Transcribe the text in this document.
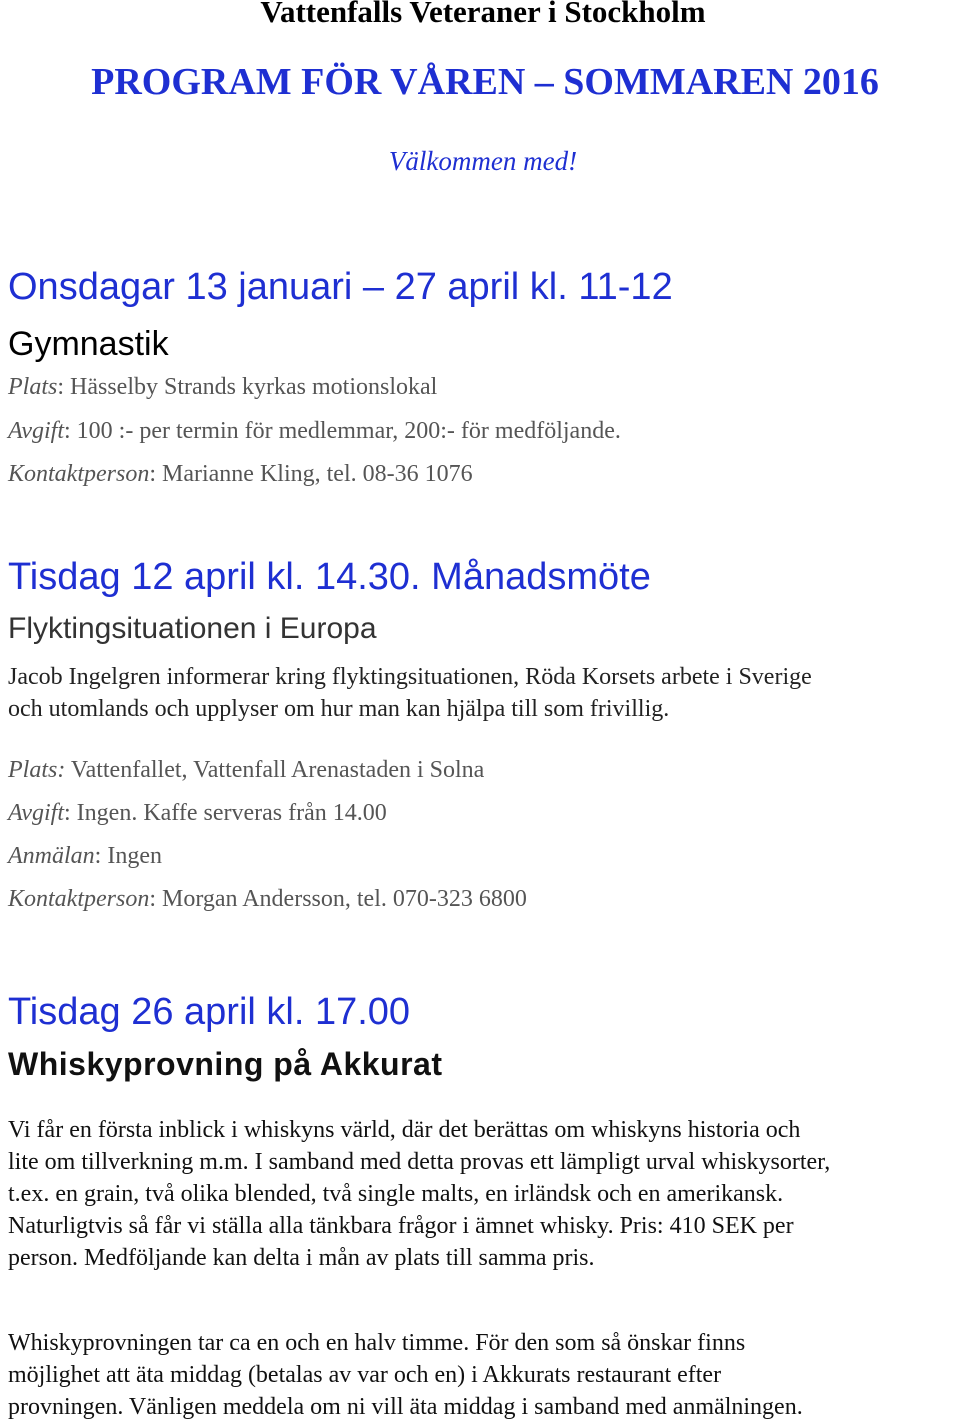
Vattenfalls Veteraner i Stockholm
PROGRAM FÖR VÅREN – SOMMAREN 2016
Välkommen med!
Onsdagar 13 januari – 27 april kl. 11-12
Gymnastik
Plats: Hässelby Strands kyrkas motionslokal
Avgift: 100 :- per termin för medlemmar, 200:- för medföljande.
Kontaktperson: Marianne Kling, tel. 08-36 1076
Tisdag 12 april kl. 14.30. Månadsmöte
Flyktingsituationen i Europa
Jacob Ingelgren informerar kring flyktingsituationen, Röda Korsets arbete i Sverige
och utomlands och upplyser om hur man kan hjälpa till som frivillig.
Plats: Vattenfallet, Vattenfall Arenastaden i Solna
Avgift: Ingen. Kaffe serveras från 14.00
Anmälan: Ingen
Kontaktperson: Morgan Andersson, tel. 070-323 6800
Tisdag 26 april kl. 17.00
Whiskyprovning på Akkurat
Vi får en första inblick i whiskyns värld, där det berättas om whiskyns historia och
lite om tillverkning m.m. I samband med detta provas ett lämpligt urval whiskysorter,
t.ex. en grain, två olika blended, två single malts, en irländsk och en amerikansk.
Naturligtvis så får vi ställa alla tänkbara frågor i ämnet whisky. Pris: 410 SEK per
person. Medföljande kan delta i mån av plats till samma pris.
Whiskyprovningen tar ca en och en halv timme. För den som så önskar finns
möjlighet att äta middag (betalas av var och en) i Akkurats restaurant efter
provningen. Vänligen meddela om ni vill äta middag i samband med anmälningen.
